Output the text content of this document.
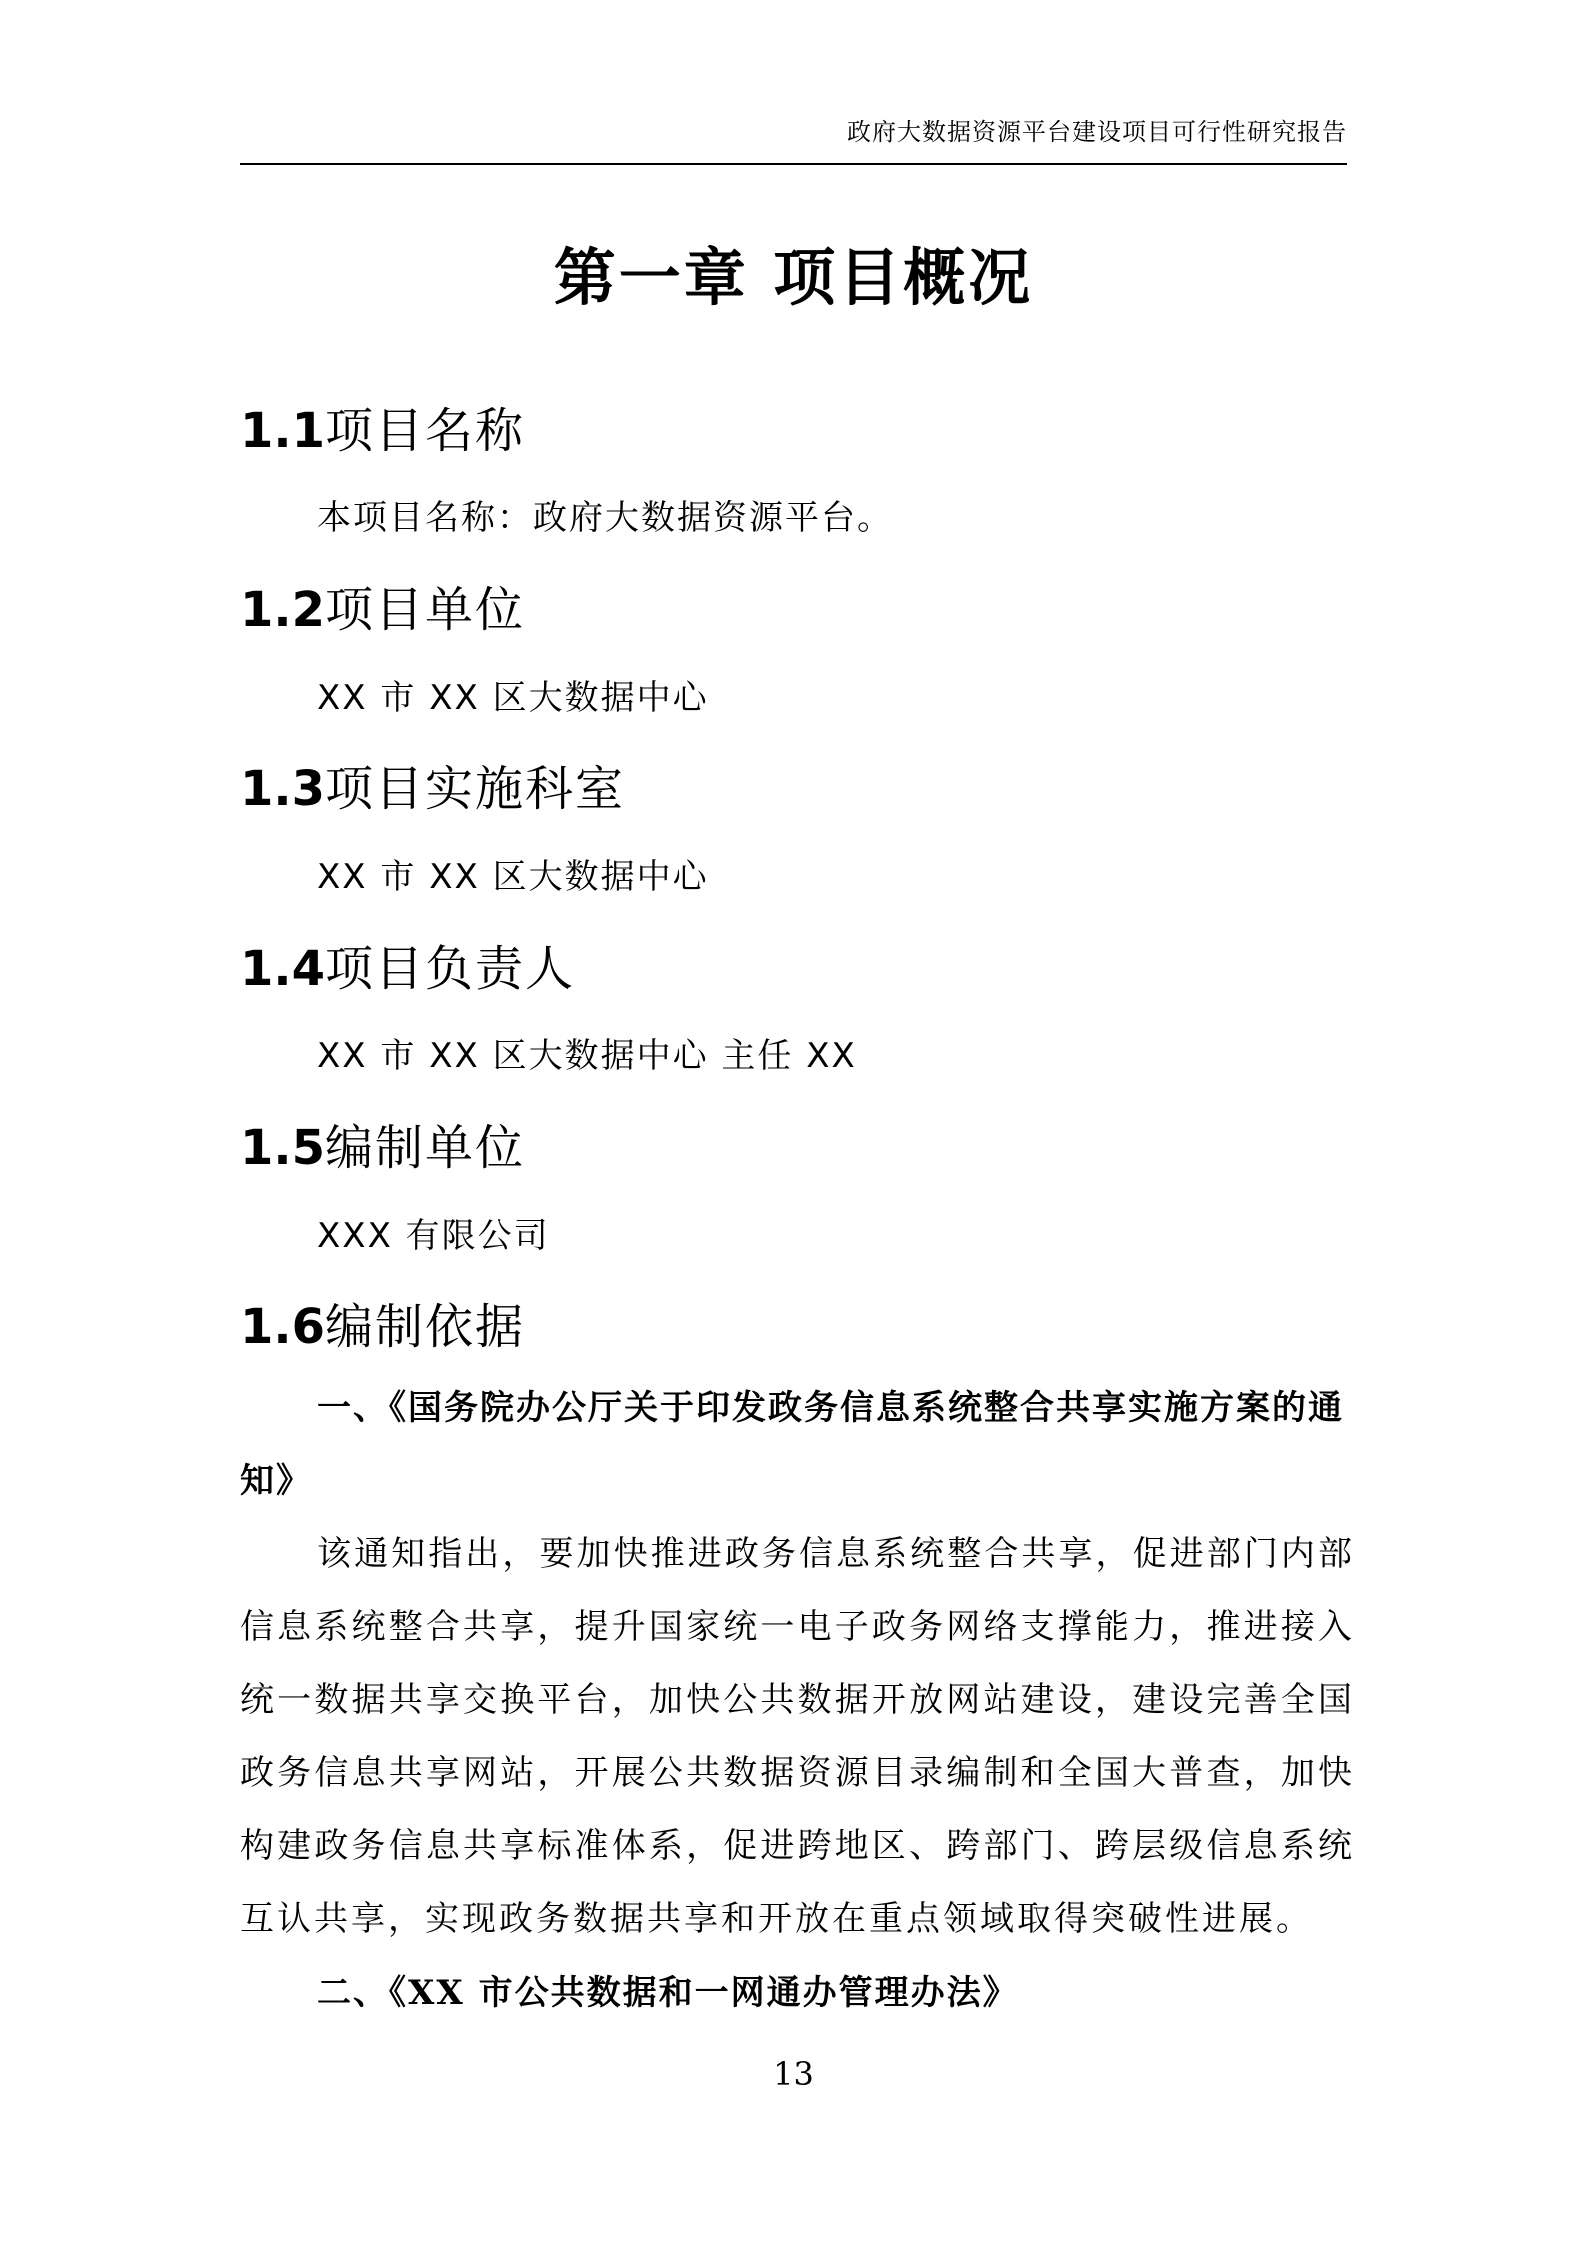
政府大数据资源平台建设项目可行性研究报告
第一章 项目概况
1.1项目名称
本项目名称：政府大数据资源平台。
1.2项目单位
XX 市 XX 区大数据中心
1.3项目实施科室
XX 市 XX 区大数据中心
1.4项目负责人
XX 市 XX 区大数据中心 主任 XX
1.5编制单位
XXX 有限公司
1.6编制依据
一、《国务院办公厅关于印发政务信息系统整合共享实施方案的通知》
该通知指出，要加快推进政务信息系统整合共享，促进部门内部信息系统整合共享，提升国家统一电子政务网络支撑能力，推进接入统一数据共享交换平台，加快公共数据开放网站建设，建设完善全国政务信息共享网站，开展公共数据资源目录编制和全国大普查，加快构建政务信息共享标准体系，促进跨地区、跨部门、跨层级信息系统互认共享，实现政务数据共享和开放在重点领域取得突破性进展。
二、《XX 市公共数据和一网通办管理办法》
13
